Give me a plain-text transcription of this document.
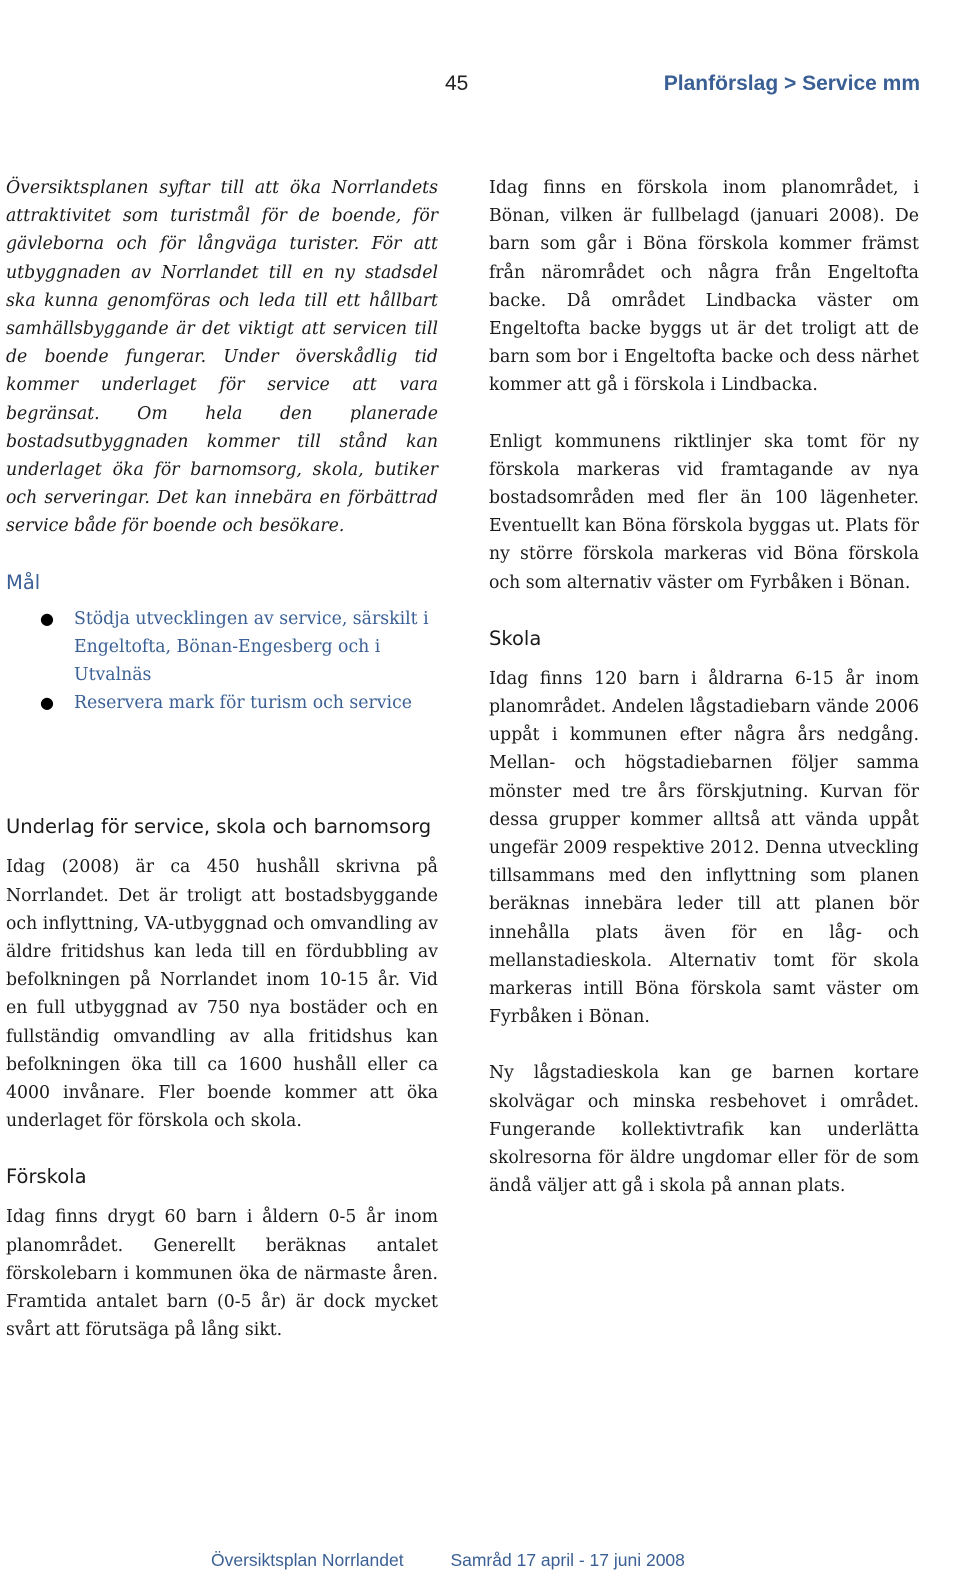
45	Planförslag > Service mm

Översiktsplanen syftar till att öka Norrlandets attraktivitet som turistmål för de boende, för gävleborna och för långväga turister. För att utbyggnaden av Norrlandet till en ny stadsdel ska kunna genomföras och leda till ett hållbart samhällsbyggande är det viktigt att servicen till de boende fungerar. Under överskådlig tid kommer underlaget för service att vara begränsat. Om hela den planerade bostadsutbyggnaden kommer till stånd kan underlaget öka för barnomsorg, skola, butiker och serveringar. Det kan innebära en förbättrad service både för boende och besökare.

Mål
● Stödja utvecklingen av service, särskilt i Engeltofta, Bönan-Engesberg och i Utvalnäs
● Reservera mark för turism och service
Underlag för service, skola och barnomsorg

Idag (2008) är ca 450 hushåll skrivna på Norrlandet. Det är troligt att bostadsbyggande och inflyttning, VA-utbyggnad och omvandling av äldre fritidshus kan leda till en fördubbling av befolkningen på Norrlandet inom 10-15 år. Vid en full utbyggnad av 750 nya bostäder och en fullständig omvandling av alla fritidshus kan befolkningen öka till ca 1600 hushåll eller ca 4000 invånare. Fler boende kommer att öka underlaget för förskola och skola.

Förskola

Idag finns drygt 60 barn i åldern 0-5 år inom planområdet. Generellt beräknas antalet förskolebarn i kommunen öka de närmaste åren. Framtida antalet barn (0-5 år) är dock mycket svårt att förutsäga på lång sikt.

Idag finns en förskola inom planområdet, i Bönan, vilken är fullbelagd (januari 2008). De barn som går i Böna förskola kommer främst från närområdet och några från Engeltofta backe. Då området Lindbacka väster om Engeltofta backe byggs ut är det troligt att de barn som bor i Engeltofta backe och dess närhet kommer att gå i förskola i Lindbacka.

Enligt kommunens riktlinjer ska tomt för ny förskola markeras vid framtagande av nya bostadsområden med fler än 100 lägenheter. Eventuellt kan Böna förskola byggas ut. Plats för ny större förskola markeras vid Böna förskola och som alternativ väster om Fyrbåken i Bönan.

Skola

Idag finns 120 barn i åldrarna 6-15 år inom planområdet. Andelen lågstadiebarn vände 2006 uppåt i kommunen efter några års nedgång. Mellan- och högstadiebarnen följer samma mönster med tre års förskjutning. Kurvan för dessa grupper kommer alltså att vända uppåt ungefär 2009 respektive 2012. Denna utveckling tillsammans med den inflyttning som planen beräknas innebära leder till att planen bör innehålla plats även för en låg- och mellanstadieskola. Alternativ tomt för skola markeras intill Böna förskola samt väster om Fyrbåken i Bönan.

Ny lågstadieskola kan ge barnen kortare skolvägar och minska resbehovet i området. Fungerande kollektivtrafik kan underlätta skolresorna för äldre ungdomar eller för de som ändå väljer att gå i skola på annan plats.

Översiktsplan Norrlandet	Samråd 17 april - 17 juni 2008
